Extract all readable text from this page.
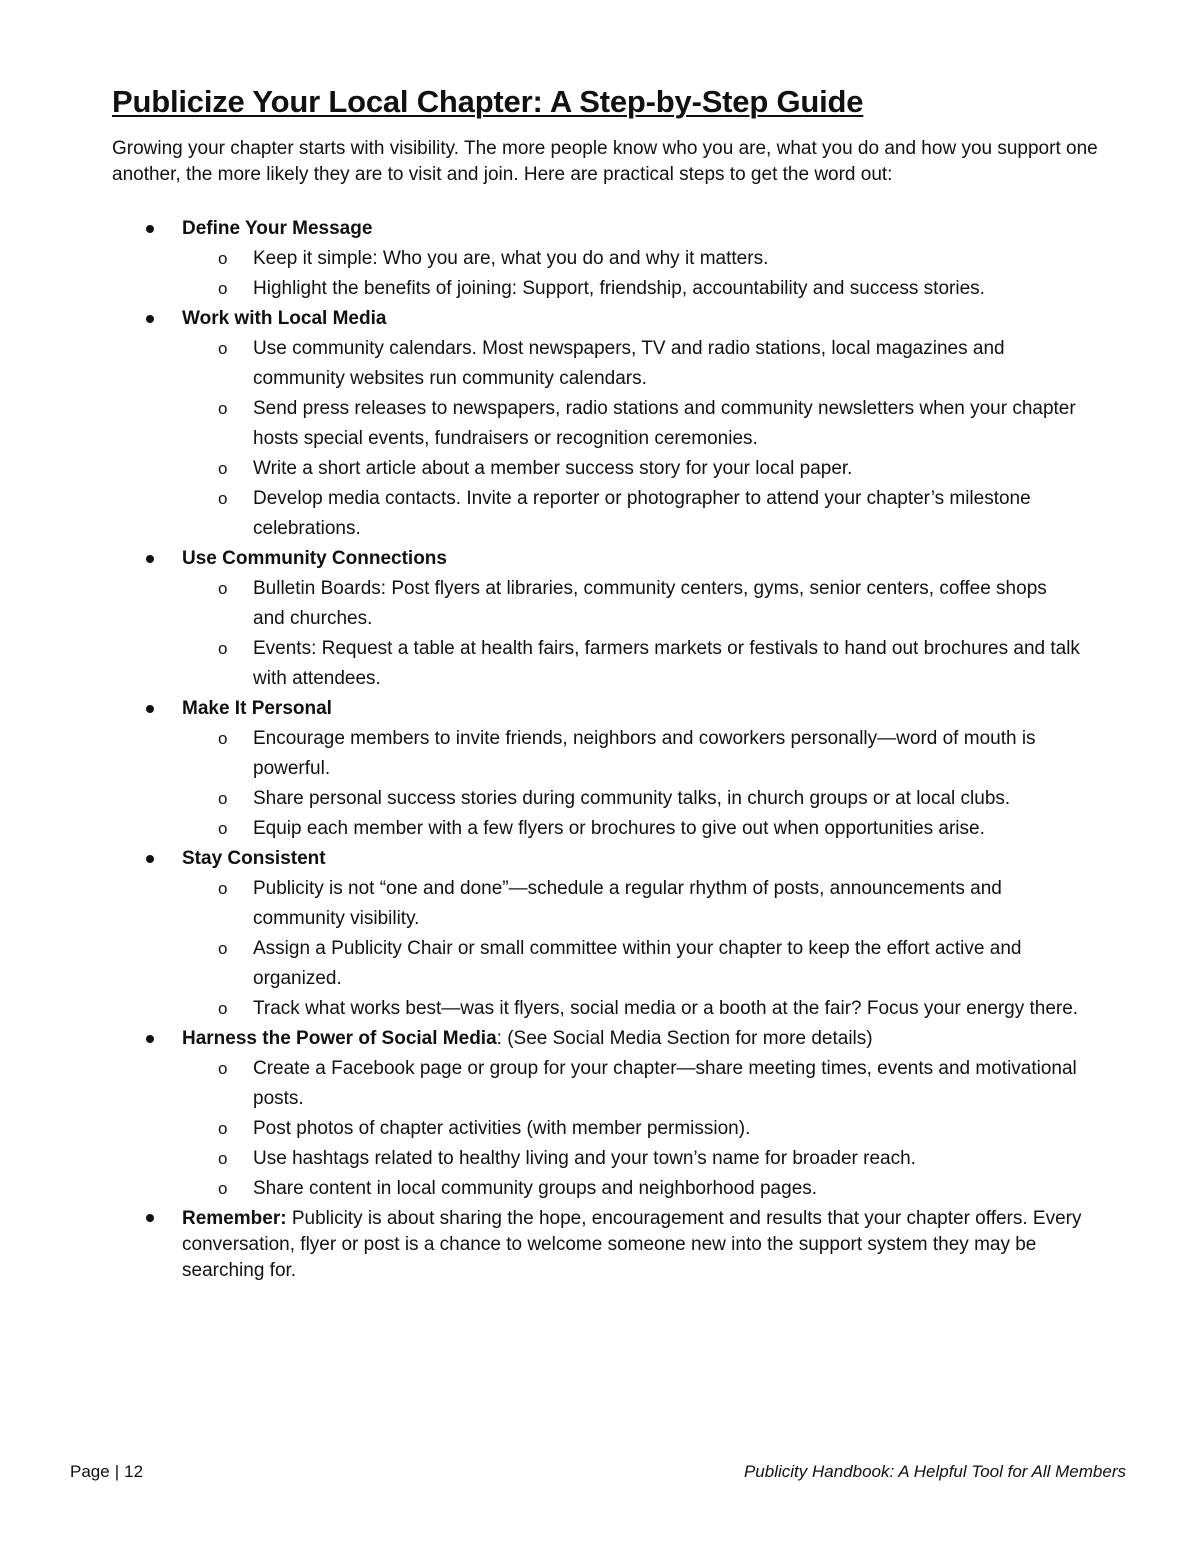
Publicize Your Local Chapter: A Step-by-Step Guide

Growing your chapter starts with visibility. The more people know who you are, what you do and how you support one another, the more likely they are to visit and join. Here are practical steps to get the word out:

Define Your Message
o Keep it simple: Who you are, what you do and why it matters.
o Highlight the benefits of joining: Support, friendship, accountability and success stories.
Work with Local Media
o Use community calendars. Most newspapers, TV and radio stations, local magazines and community websites run community calendars.
o Send press releases to newspapers, radio stations and community newsletters when your chapter hosts special events, fundraisers or recognition ceremonies.
o Write a short article about a member success story for your local paper.
o Develop media contacts. Invite a reporter or photographer to attend your chapter’s milestone celebrations.
Use Community Connections
o Bulletin Boards: Post flyers at libraries, community centers, gyms, senior centers, coffee shops and churches.
o Events: Request a table at health fairs, farmers markets or festivals to hand out brochures and talk with attendees.
Make It Personal
o Encourage members to invite friends, neighbors and coworkers personally—word of mouth is powerful.
o Share personal success stories during community talks, in church groups or at local clubs.
o Equip each member with a few flyers or brochures to give out when opportunities arise.
Stay Consistent
o Publicity is not “one and done”—schedule a regular rhythm of posts, announcements and community visibility.
o Assign a Publicity Chair or small committee within your chapter to keep the effort active and organized.
o Track what works best—was it flyers, social media or a booth at the fair? Focus your energy there.
Harness the Power of Social Media: (See Social Media Section for more details)
o Create a Facebook page or group for your chapter—share meeting times, events and motivational posts.
o Post photos of chapter activities (with member permission).
o Use hashtags related to healthy living and your town’s name for broader reach.
o Share content in local community groups and neighborhood pages.
Remember: Publicity is about sharing the hope, encouragement and results that your chapter offers. Every conversation, flyer or post is a chance to welcome someone new into the support system they may be searching for.

Page | 12	Publicity Handbook: A Helpful Tool for All Members
